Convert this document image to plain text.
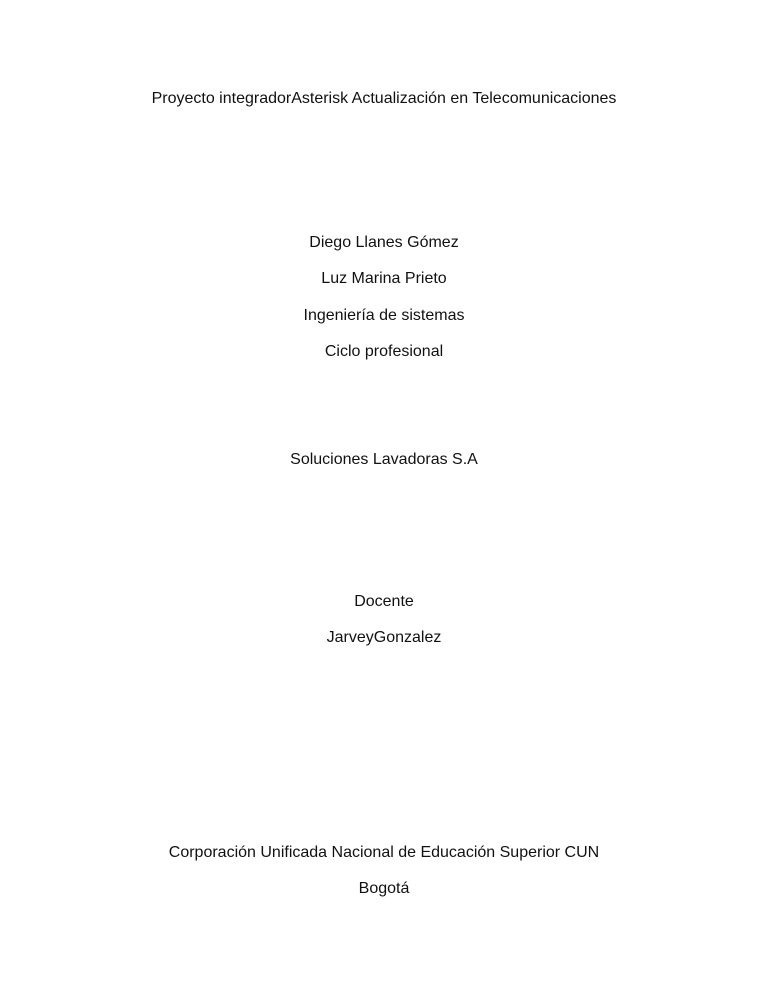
Proyecto integradorAsterisk Actualización en Telecomunicaciones
Diego Llanes Gómez
Luz Marina Prieto
Ingeniería de sistemas
Ciclo profesional
Soluciones Lavadoras S.A
Docente
JarveyGonzalez
Corporación Unificada Nacional de Educación Superior CUN
Bogotá
